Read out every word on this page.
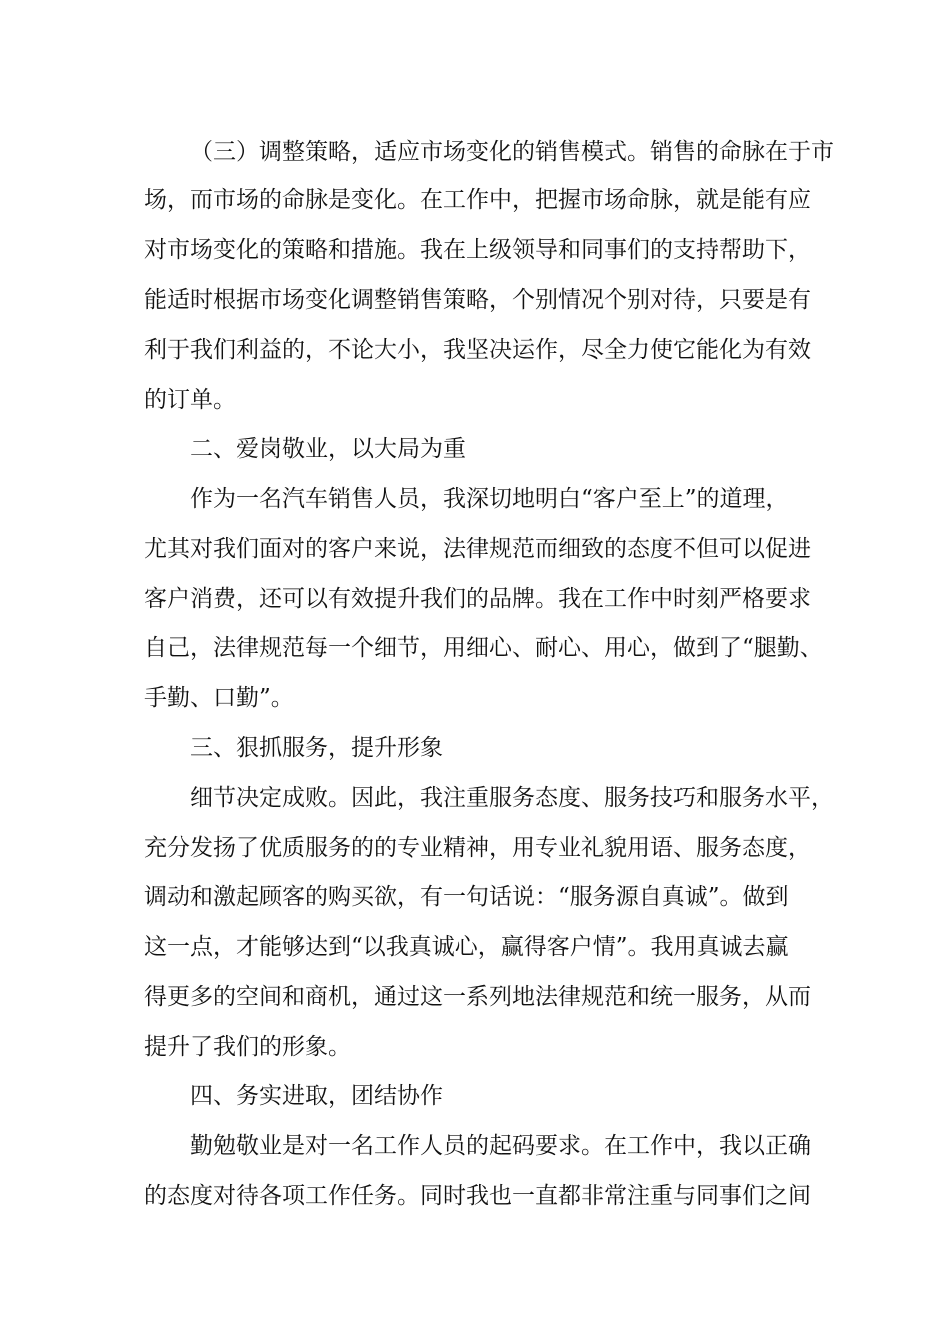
（三）调整策略，适应市场变化的销售模式。销售的命脉在于市

场，而市场的命脉是变化。在工作中，把握市场命脉，就是能有应

对市场变化的策略和措施。我在上级领导和同事们的支持帮助下，

能适时根据市场变化调整销售策略，个别情况个别对待，只要是有

利于我们利益的，不论大小，我坚决运作，尽全力使它能化为有效

的订单。

二、爱岗敬业，以大局为重

作为一名汽车销售人员，我深切地明白“客户至上”的道理，

尤其对我们面对的客户来说，法律规范而细致的态度不但可以促进

客户消费，还可以有效提升我们的品牌。我在工作中时刻严格要求

自己，法律规范每一个细节，用细心、耐心、用心，做到了“腿勤、

手勤、口勤”。

三、狠抓服务，提升形象

细节决定成败。因此，我注重服务态度、服务技巧和服务水平，

充分发扬了优质服务的的专业精神，用专业礼貌用语、服务态度，

调动和激起顾客的购买欲，有一句话说：“服务源自真诚”。做到

这一点，才能够达到“以我真诚心，赢得客户情”。我用真诚去赢

得更多的空间和商机，通过这一系列地法律规范和统一服务，从而

提升了我们的形象。

四、务实进取，团结协作

勤勉敬业是对一名工作人员的起码要求。在工作中，我以正确

的态度对待各项工作任务。同时我也一直都非常注重与同事们之间
